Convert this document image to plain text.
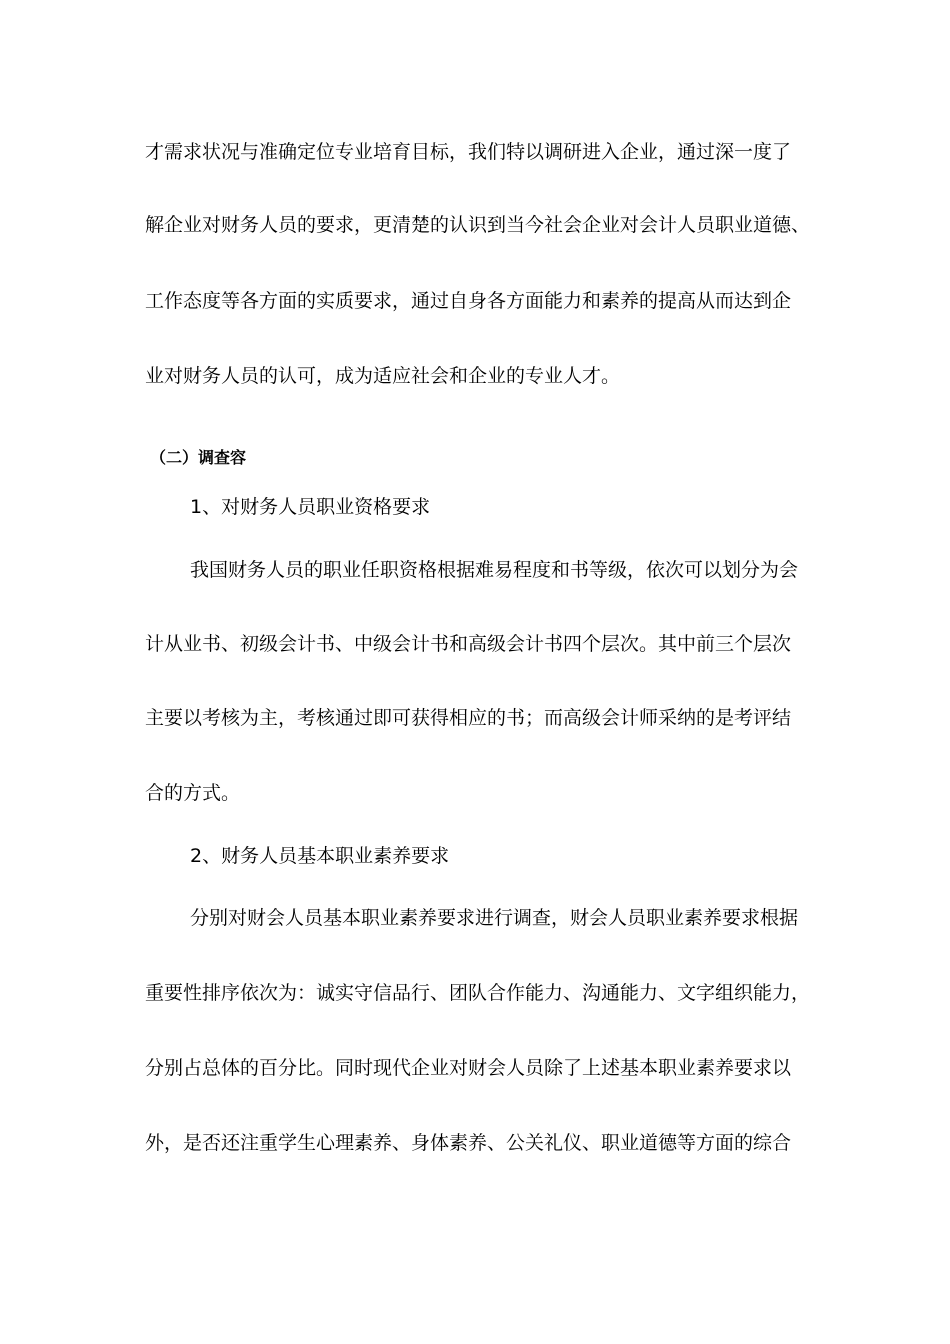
才需求状况与准确定位专业培育目标，我们特以调研进入企业，通过深一度了
解企业对财务人员的要求，更清楚的认识到当今社会企业对会计人员职业道德、
工作态度等各方面的实质要求，通过自身各方面能力和素养的提高从而达到企
业对财务人员的认可，成为适应社会和企业的专业人才。
（二）调查容
1、对财务人员职业资格要求
我国财务人员的职业任职资格根据难易程度和书等级，依次可以划分为会
计从业书、初级会计书、中级会计书和高级会计书四个层次。其中前三个层次
主要以考核为主，考核通过即可获得相应的书；而高级会计师采纳的是考评结
合的方式。
2、财务人员基本职业素养要求
分别对财会人员基本职业素养要求进行调查，财会人员职业素养要求根据
重要性排序依次为：诚实守信品行、团队合作能力、沟通能力、文字组织能力，
分别占总体的百分比。同时现代企业对财会人员除了上述基本职业素养要求以
外，是否还注重学生心理素养、身体素养、公关礼仪、职业道德等方面的综合
